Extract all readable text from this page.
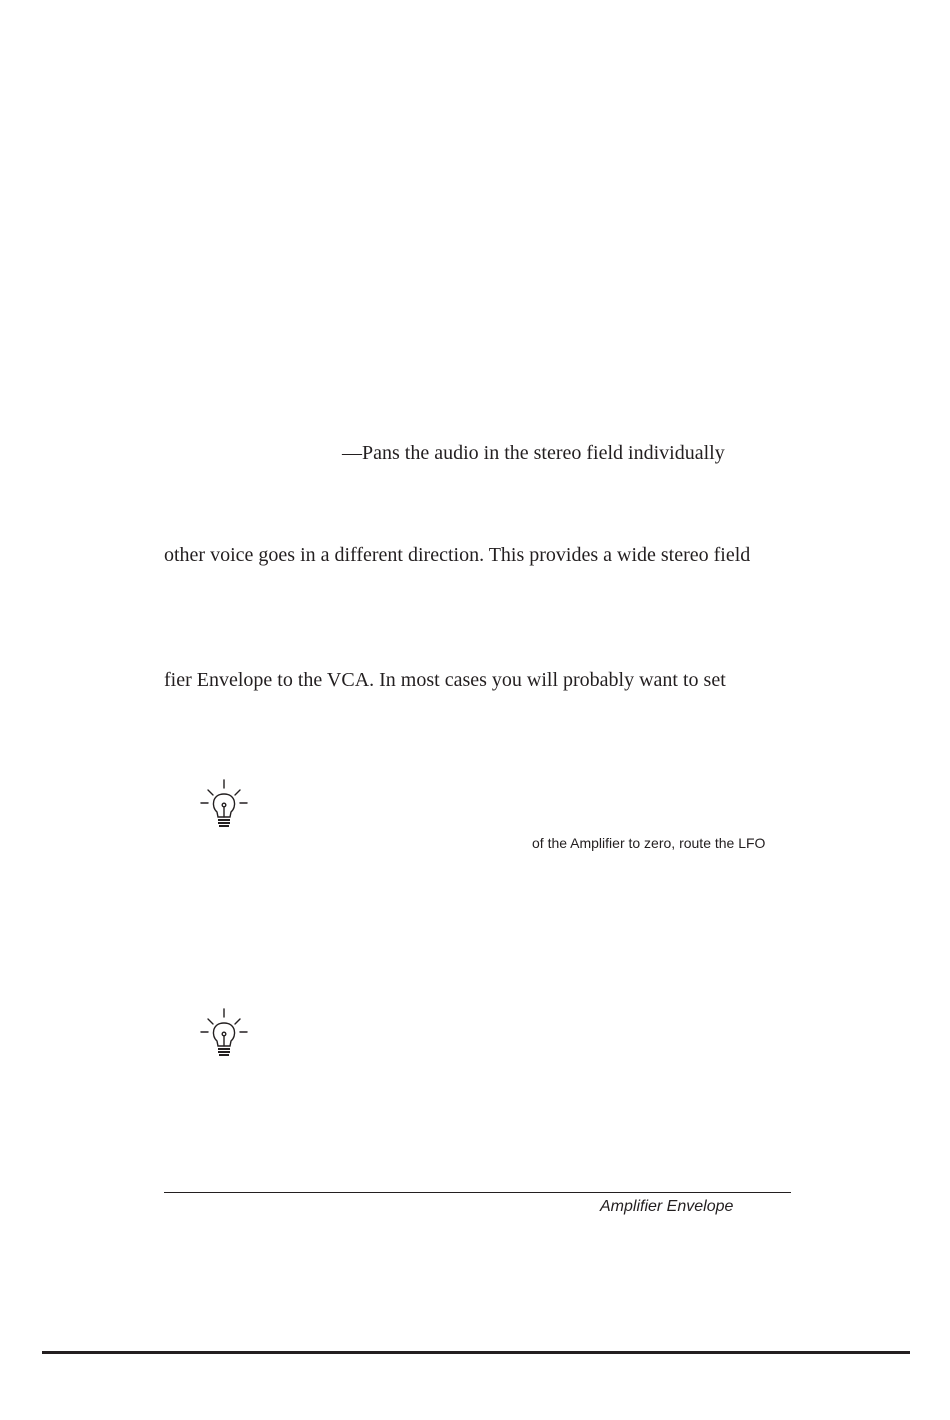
—Pans the audio in the stereo field individually
other voice goes in a different direction. This provides a wide stereo field
fier Envelope to the VCA. In most cases you will probably want to set
of the Amplifier to zero, route the LFO
Amplifier Envelope
